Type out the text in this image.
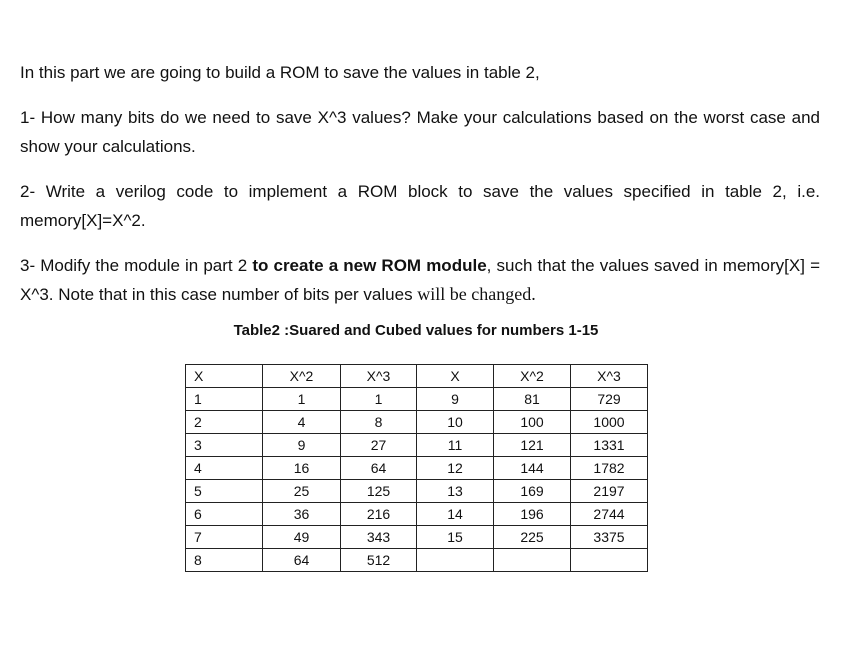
In this part we are going to build a ROM to save the values in table 2,

1- How many bits do we need to save X^3 values? Make your calculations based on the worst case and show your calculations.

2- Write a verilog code to implement a ROM block to save the values specified in table 2, i.e. memory[X]=X^2.

3- Modify the module in part 2 to create a new ROM module, such that the values saved in memory[X] = X^3. Note that in this case number of bits per values will be changed.

Table2 :Suared and Cubed values for numbers 1-15
X	X^2	X^3	X	X^2	X^3
1	1	1	9	81	729
2	4	8	10	100	1000
3	9	27	11	121	1331
4	16	64	12	144	1782
5	25	125	13	169	2197
6	36	216	14	196	2744
7	49	343	15	225	3375
8	64	512			
